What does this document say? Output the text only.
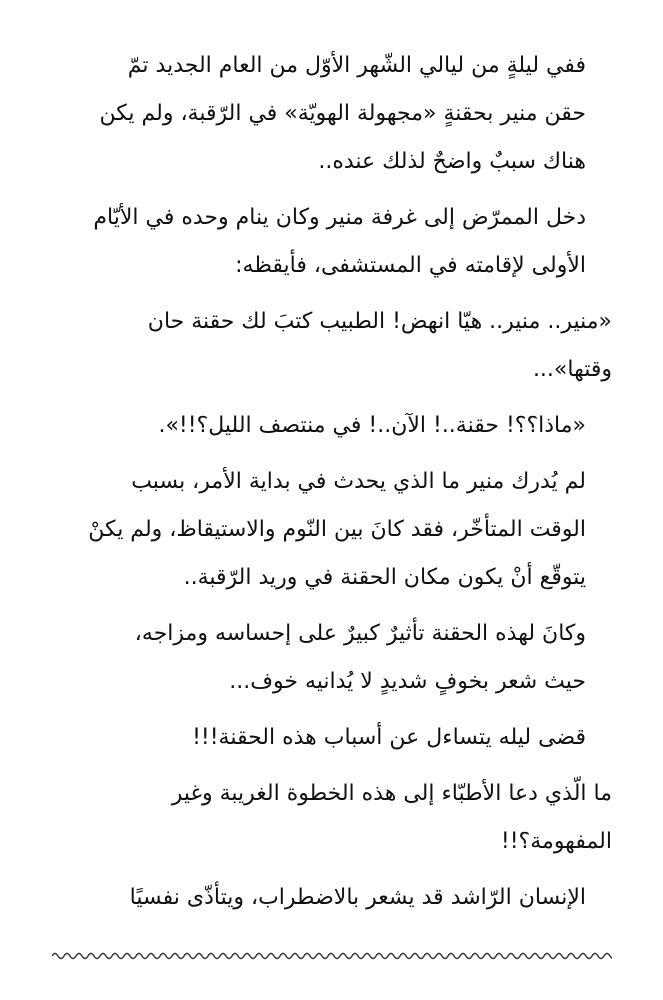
ففي ليلةٍ من ليالي الشّهر الأوّل من العام الجديد تمّ
حقن منير بحقنةٍ «مجهولة الهويّة» في الرّقبة، ولم يكن
هناك سببٌ واضحٌ لذلك عنده..

دخل الممرّض إلى غرفة منير وكان ينام وحده في الأيّام
الأولى لإقامته في المستشفى، فأيقظه:

«منير.. منير.. هيّا انهض! الطبيب كتبَ لك حقنة حان
وقتها»...

«ماذا؟؟! حقنة..! الآن..! في منتصف الليل؟!!».

لم يُدرك منير ما الذي يحدث في بداية الأمر، بسبب
الوقت المتأخّر، فقد كانَ بين النّوم والاستيقاظ، ولم يكنْ
يتوقّع أنْ يكون مكان الحقنة في وريد الرّقبة..

وكانَ لهذه الحقنة تأثيرٌ كبيرٌ على إحساسه ومزاجه،
حيث شعر بخوفٍ شديدٍ لا يُدانيه خوف...

قضى ليله يتساءل عن أسباب هذه الحقنة!!!

ما الّذي دعا الأطبّاء إلى هذه الخطوة الغريبة وغير
المفهومة؟!!

الإنسان الرّاشد قد يشعر بالاضطراب، ويتأذّى نفسيًا
